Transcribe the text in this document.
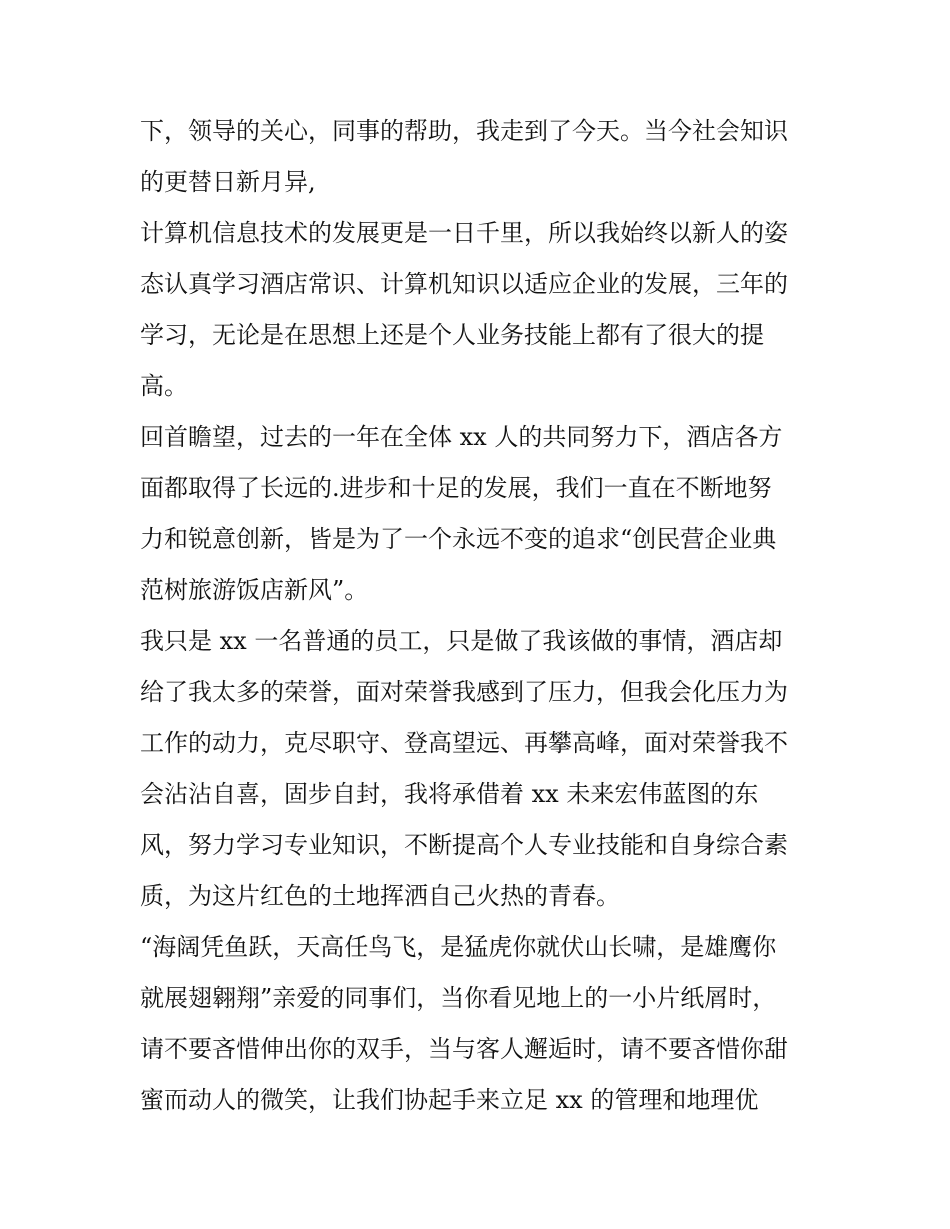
下，领导的关心，同事的帮助，我走到了今天。当今社会知识
的更替日新月异,
计算机信息技术的发展更是一日千里，所以我始终以新人的姿
态认真学习酒店常识、计算机知识以适应企业的发展，三年的
学习，无论是在思想上还是个人业务技能上都有了很大的提
高。
回首瞻望，过去的一年在全体 xx 人的共同努力下，酒店各方
面都取得了长远的.进步和十足的发展，我们一直在不断地努
力和锐意创新，皆是为了一个永远不变的追求“创民营企业典
范树旅游饭店新风”。
我只是 xx 一名普通的员工，只是做了我该做的事情，酒店却
给了我太多的荣誉，面对荣誉我感到了压力，但我会化压力为
工作的动力，克尽职守、登高望远、再攀高峰，面对荣誉我不
会沾沾自喜，固步自封，我将承借着 xx 未来宏伟蓝图的东
风，努力学习专业知识，不断提高个人专业技能和自身综合素
质，为这片红色的土地挥洒自己火热的青春。
“海阔凭鱼跃，天高任鸟飞，是猛虎你就伏山长啸，是雄鹰你
就展翅翱翔”亲爱的同事们，当你看见地上的一小片纸屑时，
请不要吝惜伸出你的双手，当与客人邂逅时，请不要吝惜你甜
蜜而动人的微笑，让我们协起手来立足 xx 的管理和地理优
